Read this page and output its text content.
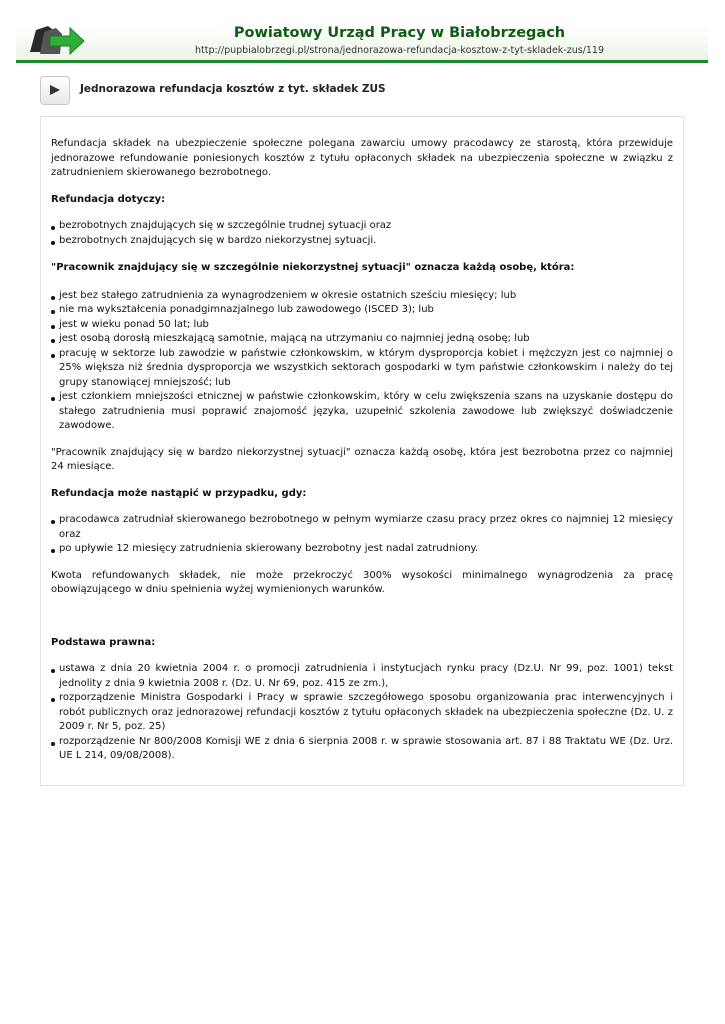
Powiatowy Urząd Pracy w Białobrzegach
http://pupbialobrzegi.pl/strona/jednorazowa-refundacja-kosztow-z-tyt-skladek-zus/119
Jednorazowa refundacja kosztów z tyt. składek ZUS

Refundacja składek na ubezpieczenie społeczne polegana zawarciu umowy pracodawcy ze starostą, która przewiduje jednorazowe refundowanie poniesionych kosztów z tytułu opłaconych składek na ubezpieczenia społeczne w związku z zatrudnieniem skierowanego bezrobotnego.

Refundacja dotyczy:
bezrobotnych znajdujących się w szczególnie trudnej sytuacji oraz
bezrobotnych znajdujących się w bardzo niekorzystnej sytuacji.
"Pracownik znajdujący się w szczególnie niekorzystnej sytuacji" oznacza każdą osobę, która:
jest bez stałego zatrudnienia za wynagrodzeniem w okresie ostatnich sześciu miesięcy; lub
nie ma wykształcenia ponadgimnazjalnego lub zawodowego (ISCED 3); lub
jest w wieku ponad 50 lat; lub
jest osobą dorosłą mieszkającą samotnie, mającą na utrzymaniu co najmniej jedną osobę; lub
pracuję w sektorze lub zawodzie w państwie członkowskim, w którym dysproporcja kobiet i mężczyzn jest co najmniej o 25% większa niż średnia dysproporcja we wszystkich sektorach gospodarki w tym państwie członkowskim i należy do tej grupy stanowiącej mniejszość; lub
jest członkiem mniejszości etnicznej w państwie członkowskim, który w celu zwiększenia szans na uzyskanie dostępu do stałego zatrudnienia musi poprawić znajomość języka, uzupełnić szkolenia zawodowe lub zwiększyć doświadczenie zawodowe.

"Pracownik znajdujący się w bardzo niekorzystnej sytuacji" oznacza każdą osobę, która jest bezrobotna przez co najmniej 24 miesiące.

Refundacja może nastąpić w przypadku, gdy:
pracodawca zatrudniał skierowanego bezrobotnego w pełnym wymiarze czasu pracy przez okres co najmniej 12 miesięcy oraz
po upływie 12 miesięcy zatrudnienia skierowany bezrobotny jest nadal zatrudniony.

Kwota refundowanych składek, nie może przekroczyć 300% wysokości minimalnego wynagrodzenia za pracę obowiązującego w dniu spełnienia wyżej wymienionych warunków.

Podstawa prawna:
ustawa z dnia 20 kwietnia 2004 r. o promocji zatrudnienia i instytucjach rynku pracy (Dz.U. Nr 99, poz. 1001) tekst jednolity z dnia 9 kwietnia 2008 r. (Dz. U. Nr 69, poz. 415 ze zm.),
rozporządzenie Ministra Gospodarki i Pracy w sprawie szczegółowego sposobu organizowania prac interwencyjnych i robót publicznych oraz jednorazowej refundacji kosztów z tytułu opłaconych składek na ubezpieczenia społeczne (Dz. U. z 2009 r. Nr 5, poz. 25)
rozporządzenie Nr 800/2008 Komisji WE z dnia 6 sierpnia 2008 r. w sprawie stosowania art. 87 i 88 Traktatu WE (Dz. Urz. UE L 214, 09/08/2008).
